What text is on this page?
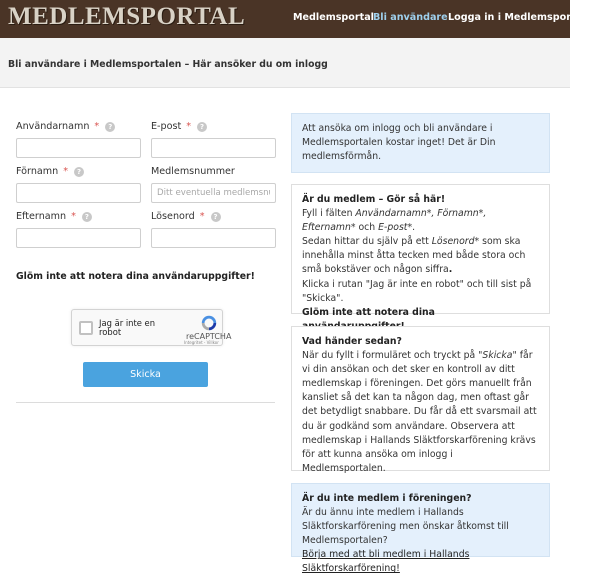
MEDLEMSPORTAL	Medlemsportal Bli användare Logga in i Medlemsportalen
Bli användare i Medlemsportalen – Här ansöker du om inlogg
Användarnamn *	?	E-post *	?
Förnamn *	?	Medlemsnummer
Ditt eventuella medlemsnummer
Efternamn *	?	Lösenord *	?
Glöm inte att notera dina användaruppgifter!
Jag är inte en robot	reCAPTCHA
Integritet - Villkor
Skicka
Att ansöka om inlogg och bli användare i Medlemsportalen kostar inget! Det är Din medlemsförmån.
Är du medlem – Gör så här!
Fyll i fälten Användarnamn*, Förnamn*, Efternamn* och E-post*.
Sedan hittar du själv på ett Lösenord* som ska innehålla minst åtta tecken med både stora och små bokstäver och någon siffra.
Klicka i rutan "Jag är inte en robot" och till sist på "Skicka".
Glöm inte att notera dina
Vad händer sedan?
När du fyllt i formuläret och tryckt på "Skicka" får vi din ansökan och det sker en kontroll av ditt medlemskap i föreningen. Det görs manuellt från kansliet så det kan ta någon dag, men oftast går det betydligt snabbare. Du får då ett svarsmail att du är godkänd som användare. Observera att medlemskap i Hallands Släktforskarförening krävs för att kunna ansöka om inlogg i Medlemsportalen.
Är du inte medlem i föreningen?
Är du ännu inte medlem i Hallands Släktforskarförening men önskar åtkomst till Medlemsportalen?
Börja med att bli medlem i Hallands Släktforskarförening!
